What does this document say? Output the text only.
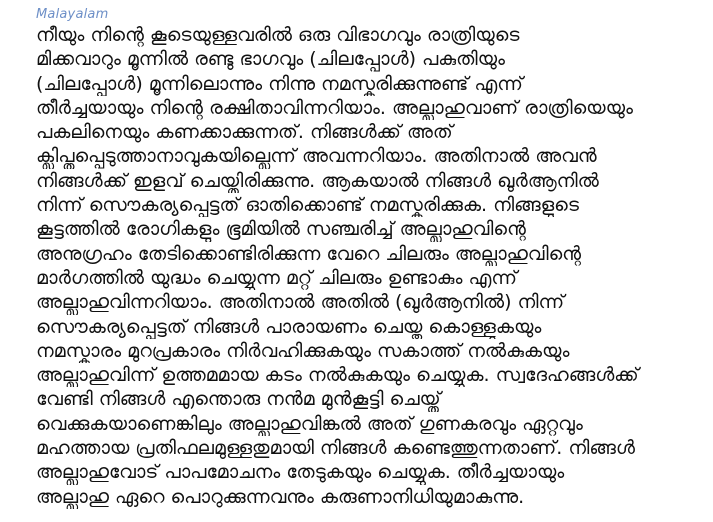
Malayalam
നീയും നിന്റെ കൂടെയുള്ളവരിൽ ഒരു വിഭാഗവും രാത്രിയുടെ
മിക്കവാറും മൂന്നിൽ രണ്ടു ഭാഗവും (ചിലപ്പോൾ) പകുതിയും
(ചിലപ്പോൾ) മൂന്നിലൊന്നും നിന്നു നമസ്കരിക്കുന്നുണ്ട് എന്ന്
തീർച്ചയായും നിന്റെ രക്ഷിതാവിന്നറിയാം. അല്ലാഹുവാണ് രാത്രിയെയും
പകലിനെയും കണക്കാക്കുന്നത്. നിങ്ങൾക്ക് അത്
ക്ലിപ്തപ്പെടുത്താനാവുകയില്ലെന്ന് അവന്നറിയാം. അതിനാൽ അവൻ
നിങ്ങൾക്ക് ഇളവ് ചെയ്തിരിക്കുന്നു. ആകയാൽ നിങ്ങൾ ഖുർആനിൽ
നിന്ന് സൌകര്യപ്പെട്ടത് ഓതിക്കൊണ്ട് നമസ്കരിക്കുക. നിങ്ങളുടെ
കൂട്ടത്തിൽ രോഗികളും ഭൂമിയിൽ സഞ്ചരിച്ച് അല്ലാഹുവിന്റെ
അനുഗ്രഹം തേടിക്കൊണ്ടിരിക്കുന്ന വേറെ ചിലരും അല്ലാഹുവിന്റെ
മാർഗത്തിൽ യുദ്ധം ചെയ്യുന്ന മറ്റ് ചിലരും ഉണ്ടാകും എന്ന്
അല്ലാഹുവിന്നറിയാം. അതിനാൽ അതിൽ (ഖുർആനിൽ) നിന്ന്
സൌകര്യപ്പെട്ടത് നിങ്ങൾ പാരായണം ചെയ്തു കൊള്ളുകയും
നമസ്കാരം മുറപ്രകാരം നിർവഹിക്കുകയും സകാത്ത് നൽകുകയും
അല്ലാഹുവിന്ന് ഉത്തമമായ കടം നൽകുകയും ചെയ്യുക. സ്വദേഹങ്ങൾക്ക്
വേണ്ടി നിങ്ങൾ എന്തൊരു നൻമ മുൻകൂട്ടി ചെയ്ത്
വെക്കുകയാണെങ്കിലും അല്ലാഹുവിങ്കൽ അത് ഗുണകരവും ഏറ്റവും
മഹത്തായ പ്രതിഫലമുള്ളതുമായി നിങ്ങൾ കണ്ടെത്തുന്നതാണ്. നിങ്ങൾ
അല്ലാഹുവോട് പാപമോചനം തേടുകയും ചെയ്യുക. തീർച്ചയായും
അല്ലാഹു ഏറെ പൊറുക്കുന്നവനും കരുണാനിധിയുമാകുന്നു.
